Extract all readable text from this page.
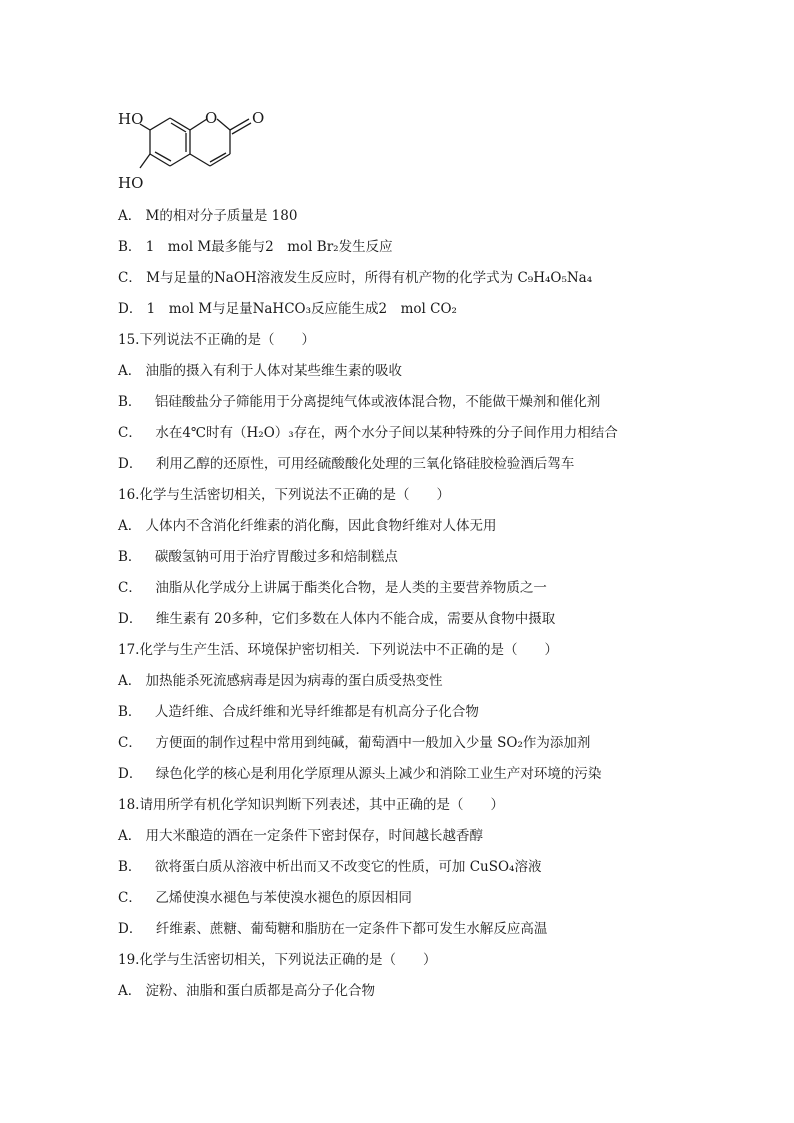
HO
HO
O O
A． M的相对分子质量是 180
B． 1　mol M最多能与2　mol Br₂发生反应
C． M与足量的NaOH溶液发生反应时，所得有机产物的化学式为 C₉H₄O₅Na₄
D． 1　mol M与足量NaHCO₃反应能生成2　mol CO₂
15.下列说法不正确的是（　　）
A． 油脂的摄入有利于人体对某些维生素的吸收
B．　铝硅酸盐分子筛能用于分离提纯气体或液体混合物，不能做干燥剂和催化剂
C．　水在4℃时有（H₂O）₃存在，两个水分子间以某种特殊的分子间作用力相结合
D．　利用乙醇的还原性，可用经硫酸酸化处理的三氧化铬硅胶检验酒后驾车
16.化学与生活密切相关，下列说法不正确的是（　　）
A． 人体内不含消化纤维素的消化酶，因此食物纤维对人体无用
B．　碳酸氢钠可用于治疗胃酸过多和焙制糕点
C．　油脂从化学成分上讲属于酯类化合物，是人类的主要营养物质之一
D．　维生素有 20多种，它们多数在人体内不能合成，需要从食物中摄取
17.化学与生产生活、环境保护密切相关．下列说法中不正确的是（　　）
A． 加热能杀死流感病毒是因为病毒的蛋白质受热变性
B．　人造纤维、合成纤维和光导纤维都是有机高分子化合物
C．　方便面的制作过程中常用到纯碱，葡萄酒中一般加入少量 SO₂作为添加剂
D．　绿色化学的核心是利用化学原理从源头上减少和消除工业生产对环境的污染
18.请用所学有机化学知识判断下列表述，其中正确的是（　　）
A． 用大米酿造的酒在一定条件下密封保存，时间越长越香醇
B．　欲将蛋白质从溶液中析出而又不改变它的性质，可加 CuSO₄溶液
C．　乙烯使溴水褪色与苯使溴水褪色的原因相同
D．　纤维素、蔗糖、葡萄糖和脂肪在一定条件下都可发生水解反应高温
19.化学与生活密切相关，下列说法正确的是（　　）
A． 淀粉、油脂和蛋白质都是高分子化合物
